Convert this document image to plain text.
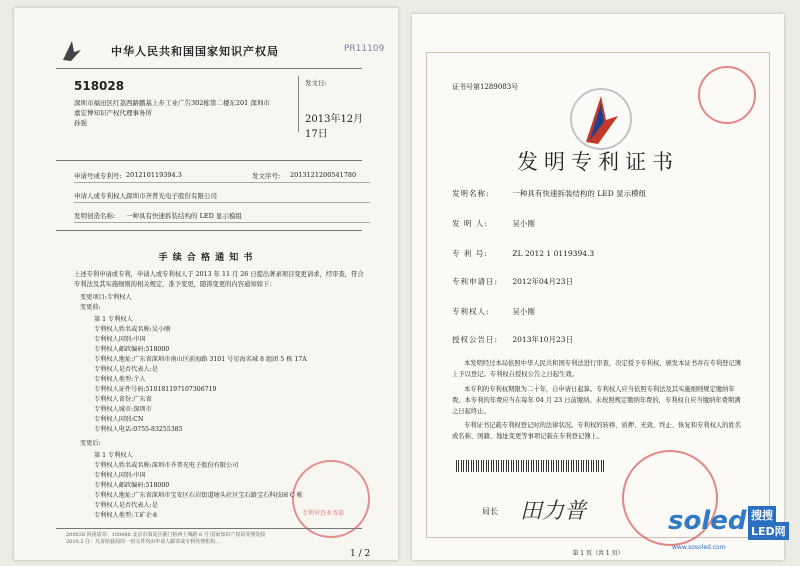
中华人民共和国国家知识产权局	PR11109
518028
深圳市福田区红荔西路鹏基上步工业广告302栋第二楼东201 深圳市
嘉宏博知识产权代理事务所
孙强
发文日:
2013年12月17日
申请号或专利号: 201210119394.3	发文序号: 2013121200541780
申请人或专利权人:
深圳市齐普光电子股份有限公司
发明创造名称: 一种具有快速拆装结构的 LED 显示模组
手 续 合 格 通 知 书
上述专利申请或专利，申请人或专利权人于 2013 年 11 月 26 日提出著录项目变更请求，经审查，符合专利法及其实施细则的相关规定，准予变更，随涛变更的内容通知如下：
变更项目:专利权人
变更前:
第 1 专利权人
专利权人姓名或名称:吴小刚
专利权人国别:中国
专利权人邮政编码:518000
专利权人地址:广东省深圳市南山区前海路 3101 号星海名城 8 组团 5 栋 17A
专利权人是否代表人:是
专利权人类型:个人
专利权人证件号码:510181197107306719
专利权人省份:广东省
专利权人城市:深圳市
专利权人国别:CN
专利权人电话:0755-83255385
变更后:
第 1 专利权人
专利权人姓名或名称:深圳市齐普光电子股份有限公司
专利权人国别:中国
专利权人邮政编码:518000
专利权人地址:广东省深圳市宝安区石岩街道塘头社区宝石路宝石科技园 C 栋
专利权人是否代表人:是
专利权人类型:工矿企业	专利审查业务部
200028 回函请寄：100088 北京市海淀区蓟门桥西土城路 6 号 国家知识产权局受理处收
2010.2 注：凡寄给我局的一切文件均由申请人邮寄或专利代理机构...
1 / 2
证书号第1289083号
发明专利证书
发明名称:	一种具有快速拆装结构的 LED 显示模组
发 明 人:	吴小刚
专 利 号:	ZL 2012 1 0119394.3
专利申请日: 2012年04月23日
专利权人:	吴小刚
授权公告日: 2013年10月23日
本发明经过本局依照中华人民共和国专利法进行审查，决定授予专利权，颁发本证书并在专利登记簿上予以登记。专利权自授权公告之日起生效。
本专利的专利权期限为二十年，自申请日起算。专利权人应当依照专利法及其实施细则规定缴纳年费。本专利的年费应当在每年 04 月 23 日前缴纳。未按照规定缴纳年费的，专利权自应当缴纳年费期满之日起终止。
专利证书记载专利权登记时的法律状况。专利权的转移、质押、无效、终止、恢复和专利权人的姓名或名称、国籍、地址变更等事项记载在专利登记簿上。
局长 田力普
第 1 页（共 1 页）
soled 搜搜
LED网
www.sosoled.com
